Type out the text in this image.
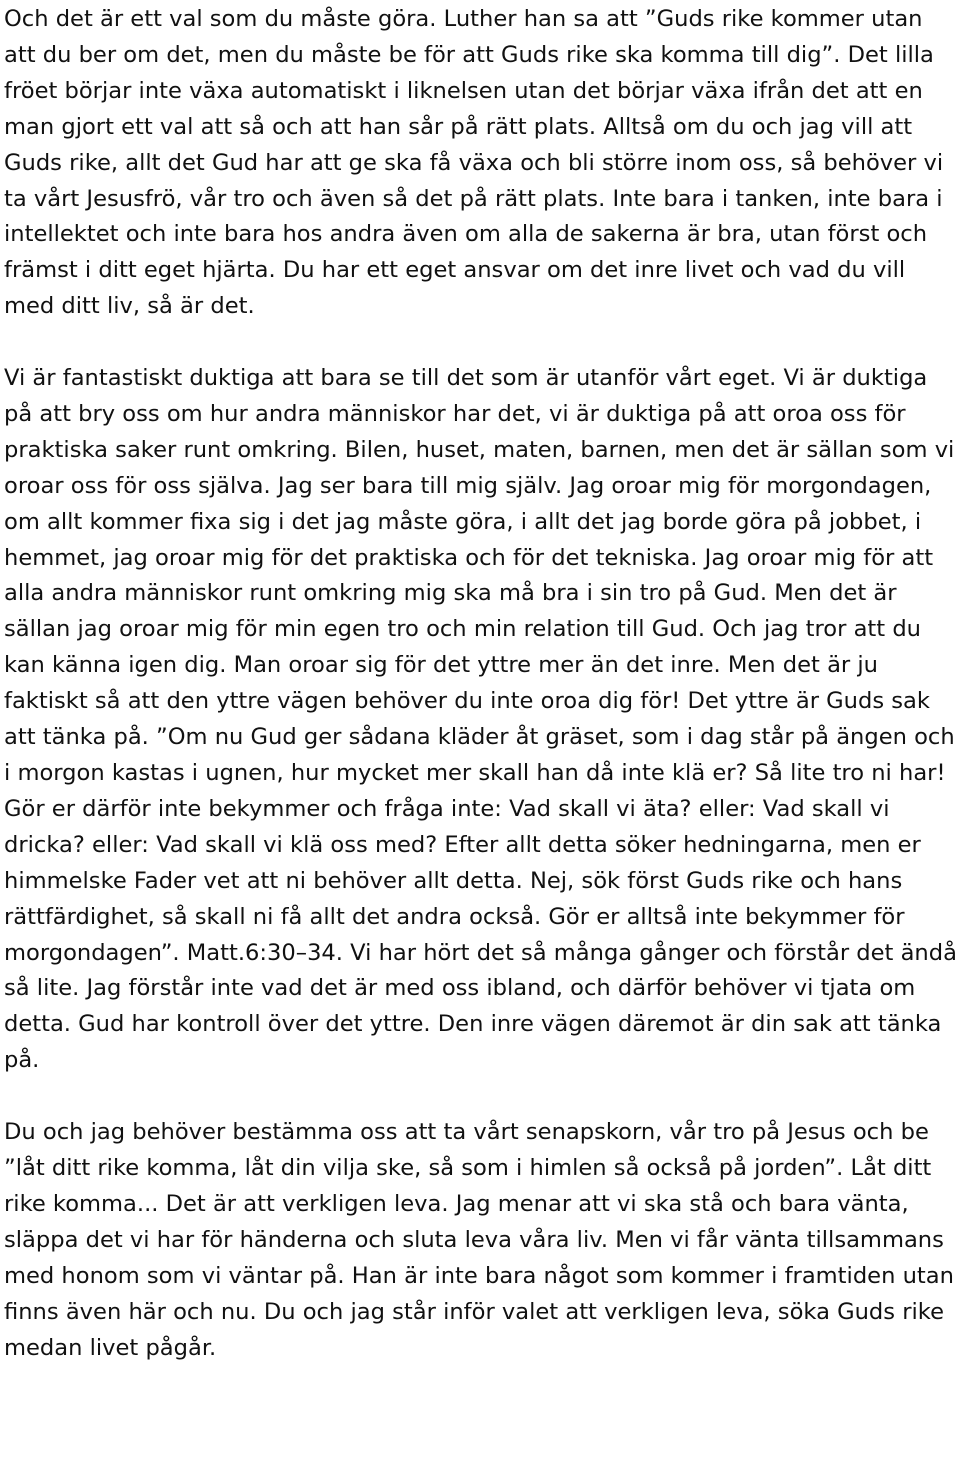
Och det är ett val som du måste göra. Luther han sa att ”Guds rike kommer utan att du ber om det, men du måste be för att Guds rike ska komma till dig”. Det lilla fröet börjar inte växa automatiskt i liknelsen utan det börjar växa ifrån det att en man gjort ett val att så och att han sår på rätt plats. Alltså om du och jag vill att Guds rike, allt det Gud har att ge ska få växa och bli större inom oss, så behöver vi ta vårt Jesusfrö, vår tro och även så det på rätt plats. Inte bara i tanken, inte bara i intellektet och inte bara hos andra även om alla de sakerna är bra, utan först och främst i ditt eget hjärta. Du har ett eget ansvar om det inre livet och vad du vill med ditt liv, så är det.

Vi är fantastiskt duktiga att bara se till det som är utanför vårt eget. Vi är duktiga på att bry oss om hur andra människor har det, vi är duktiga på att oroa oss för praktiska saker runt omkring. Bilen, huset, maten, barnen, men det är sällan som vi oroar oss för oss själva. Jag ser bara till mig själv. Jag oroar mig för morgondagen, om allt kommer fixa sig i det jag måste göra, i allt det jag borde göra på jobbet, i hemmet, jag oroar mig för det praktiska och för det tekniska. Jag oroar mig för att alla andra människor runt omkring mig ska må bra i sin tro på Gud. Men det är sällan jag oroar mig för min egen tro och min relation till Gud. Och jag tror att du kan känna igen dig. Man oroar sig för det yttre mer än det inre. Men det är ju faktiskt så att den yttre vägen behöver du inte oroa dig för! Det yttre är Guds sak att tänka på. ”Om nu Gud ger sådana kläder åt gräset, som i dag står på ängen och i morgon kastas i ugnen, hur mycket mer skall han då inte klä er? Så lite tro ni har! Gör er därför inte bekymmer och fråga inte: Vad skall vi äta? eller: Vad skall vi dricka? eller: Vad skall vi klä oss med? Efter allt detta söker hedningarna, men er himmelske Fader vet att ni behöver allt detta. Nej, sök först Guds rike och hans rättfärdighet, så skall ni få allt det andra också. Gör er alltså inte bekymmer för morgondagen”. Matt.6:30–34. Vi har hört det så många gånger och förstår det ändå så lite. Jag förstår inte vad det är med oss ibland, och därför behöver vi tjata om detta. Gud har kontroll över det yttre. Den inre vägen däremot är din sak att tänka på.

Du och jag behöver bestämma oss att ta vårt senapskorn, vår tro på Jesus och be ”låt ditt rike komma, låt din vilja ske, så som i himlen så också på jorden”. Låt ditt rike komma... Det är att verkligen leva. Jag menar att vi ska stå och bara vänta, släppa det vi har för händerna och sluta leva våra liv. Men vi får vänta tillsammans med honom som vi väntar på. Han är inte bara något som kommer i framtiden utan finns även här och nu. Du och jag står inför valet att verkligen leva, söka Guds rike medan livet pågår.
